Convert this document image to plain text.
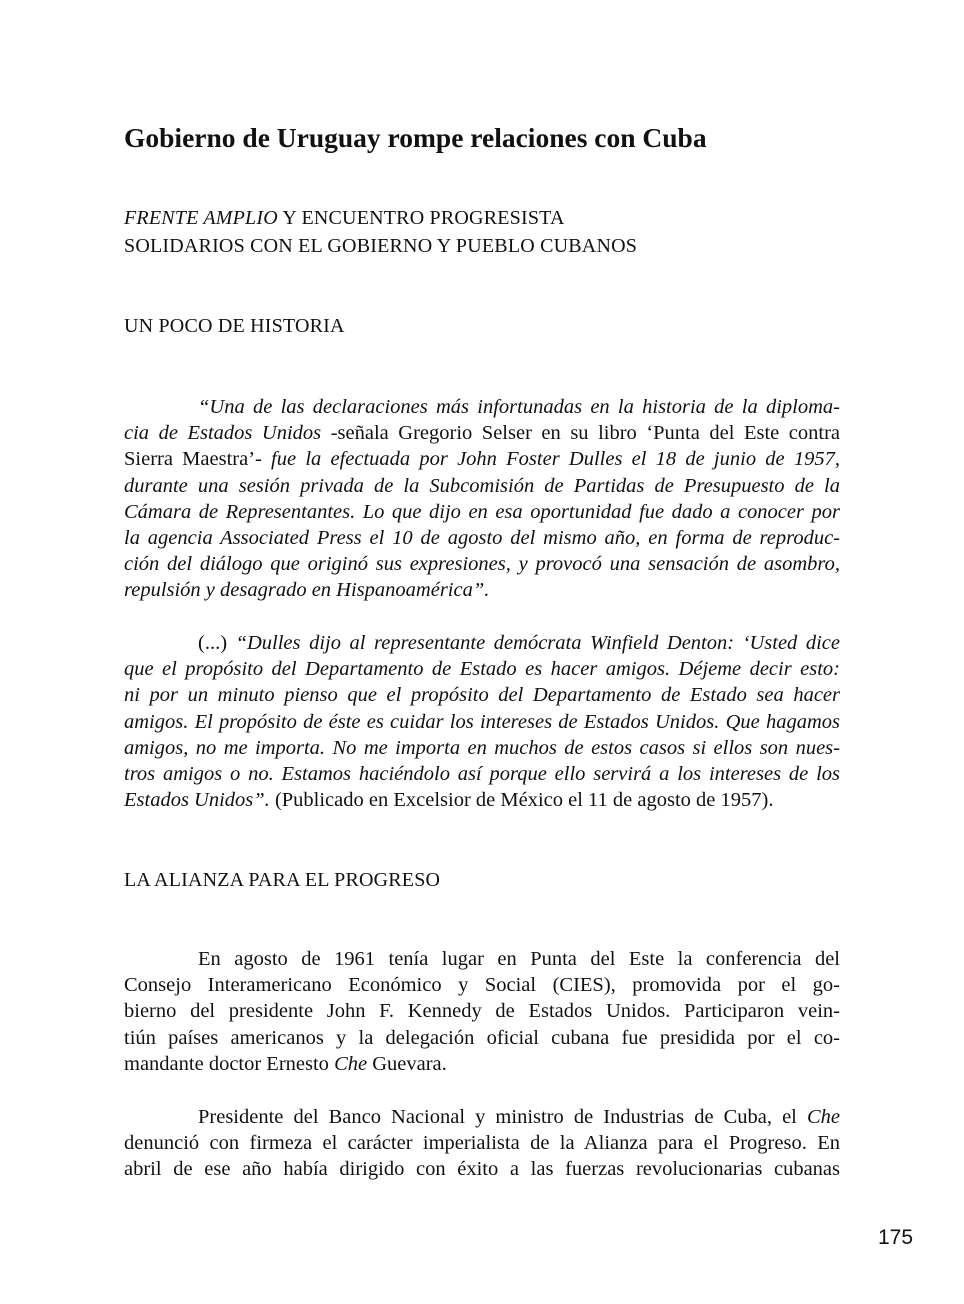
Gobierno de Uruguay rompe relaciones con Cuba
FRENTE AMPLIO Y ENCUENTRO PROGRESISTA
SOLIDARIOS CON EL GOBIERNO Y PUEBLO CUBANOS
UN POCO DE HISTORIA
“Una de las declaraciones más infortunadas en la historia de la diploma-
cia de Estados Unidos -señala Gregorio Selser en su libro ‘Punta del Este contra
Sierra Maestra’- fue la efectuada por John Foster Dulles el 18 de junio de 1957,
durante una sesión privada de la Subcomisión de Partidas de Presupuesto de la
Cámara de Representantes. Lo que dijo en esa oportunidad fue dado a conocer por
la agencia Associated Press el 10 de agosto del mismo año, en forma de reproduc-
ción del diálogo que originó sus expresiones, y provocó una sensación de asombro,
repulsión y desagrado en Hispanoamérica”.
(...) “Dulles dijo al representante demócrata Winfield Denton: ‘Usted dice
que el propósito del Departamento de Estado es hacer amigos. Déjeme decir esto:
ni por un minuto pienso que el propósito del Departamento de Estado sea hacer
amigos. El propósito de éste es cuidar los intereses de Estados Unidos. Que hagamos
amigos, no me importa. No me importa en muchos de estos casos si ellos son nues-
tros amigos o no. Estamos haciéndolo así porque ello servirá a los intereses de los
Estados Unidos”. (Publicado en Excelsior de México el 11 de agosto de 1957).
LA ALIANZA PARA EL PROGRESO
En agosto de 1961 tenía lugar en Punta del Este la conferencia del
Consejo Interamericano Económico y Social (CIES), promovida por el go-
bierno del presidente John F. Kennedy de Estados Unidos. Participaron vein-
tiún países americanos y la delegación oficial cubana fue presidida por el co-
mandante doctor Ernesto Che Guevara.
Presidente del Banco Nacional y ministro de Industrias de Cuba, el Che
denunció con firmeza el carácter imperialista de la Alianza para el Progreso. En
abril de ese año había dirigido con éxito a las fuerzas revolucionarias cubanas
175
